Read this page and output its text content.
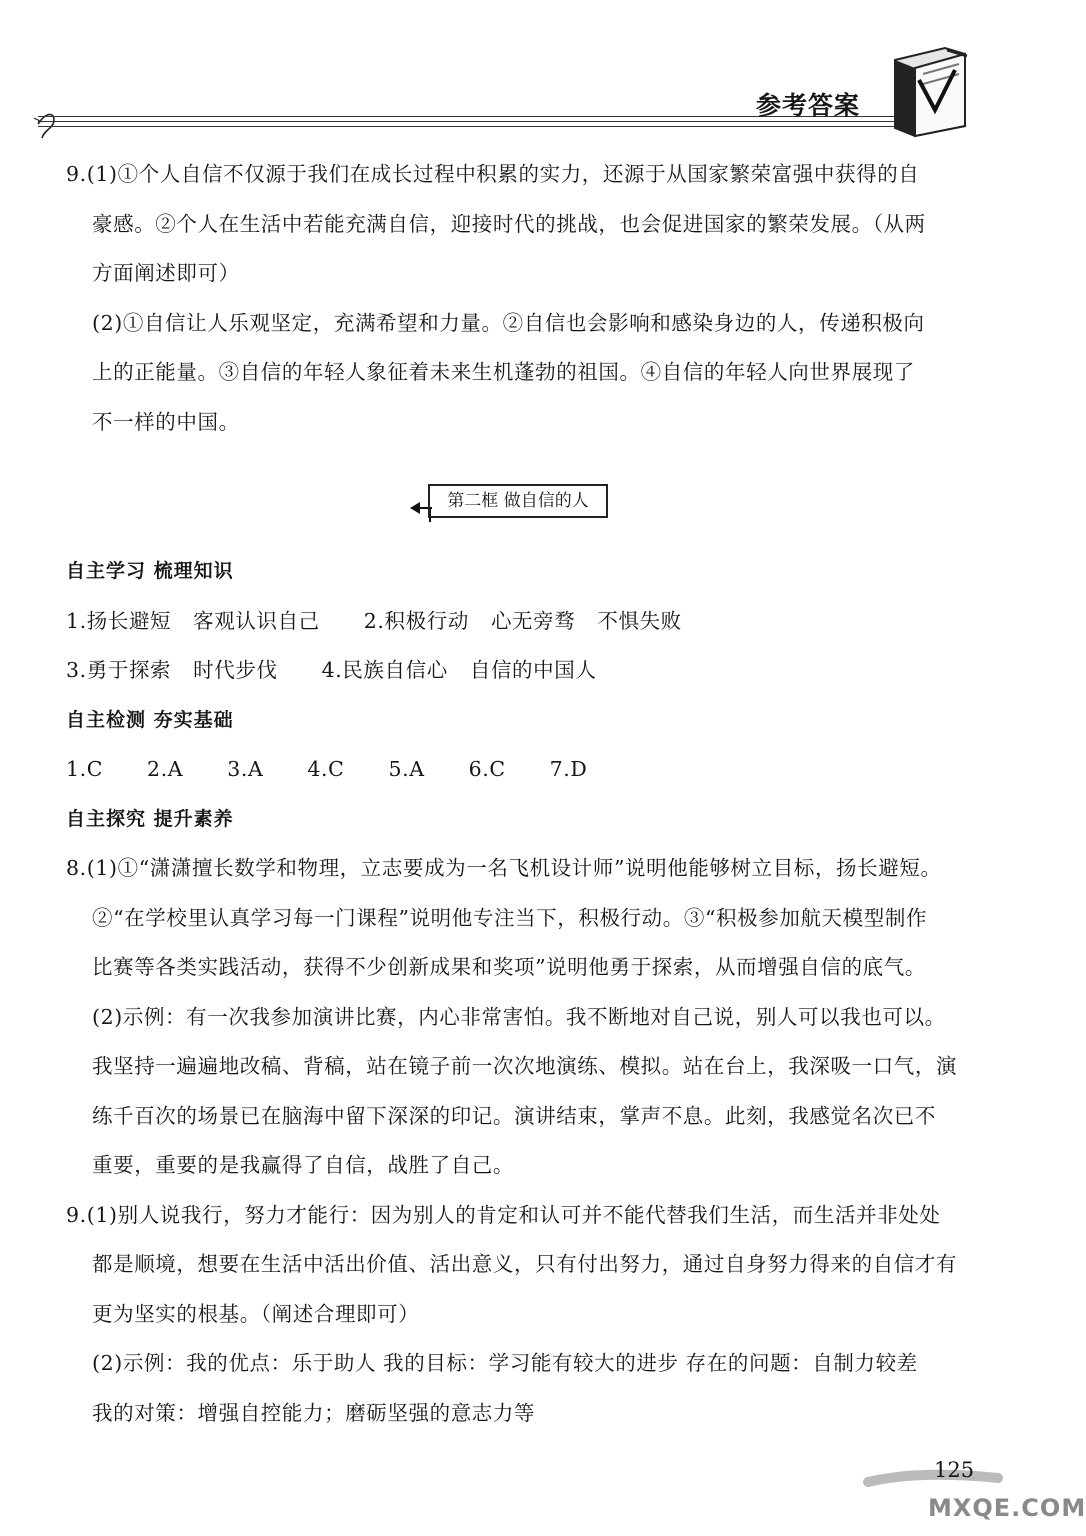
参考答案
9.(1)①个人自信不仅源于我们在成长过程中积累的实力，还源于从国家繁荣富强中获得的自
豪感。②个人在生活中若能充满自信，迎接时代的挑战，也会促进国家的繁荣发展。（从两
方面阐述即可）
(2)①自信让人乐观坚定，充满希望和力量。②自信也会影响和感染身边的人，传递积极向
上的正能量。③自信的年轻人象征着未来生机蓬勃的祖国。④自信的年轻人向世界展现了
不一样的中国。
自主学习 梳理知识
1.扬长避短 客观认识自己 2.积极行动 心无旁骛 不惧失败
3.勇于探索 时代步伐 4.民族自信心 自信的中国人
自主检测 夯实基础
1.C 2.A 3.A 4.C 5.A 6.C 7.D
自主探究 提升素养
8.(1)①“潇潇擅长数学和物理，立志要成为一名飞机设计师”说明他能够树立目标，扬长避短。
②“在学校里认真学习每一门课程”说明他专注当下，积极行动。③“积极参加航天模型制作
比赛等各类实践活动，获得不少创新成果和奖项”说明他勇于探索，从而增强自信的底气。
(2)示例：有一次我参加演讲比赛，内心非常害怕。我不断地对自己说，别人可以我也可以。
我坚持一遍遍地改稿、背稿，站在镜子前一次次地演练、模拟。站在台上，我深吸一口气，演
练千百次的场景已在脑海中留下深深的印记。演讲结束，掌声不息。此刻，我感觉名次已不
重要，重要的是我赢得了自信，战胜了自己。
9.(1)别人说我行，努力才能行：因为别人的肯定和认可并不能代替我们生活，而生活并非处处
都是顺境，想要在生活中活出价值、活出意义，只有付出努力，通过自身努力得来的自信才有
更为坚实的根基。（阐述合理即可）
(2)示例：我的优点：乐于助人 我的目标：学习能有较大的进步 存在的问题：自制力较差
我的对策：增强自控能力；磨砺坚强的意志力等
第二框 做自信的人
125
MXQE.COM
